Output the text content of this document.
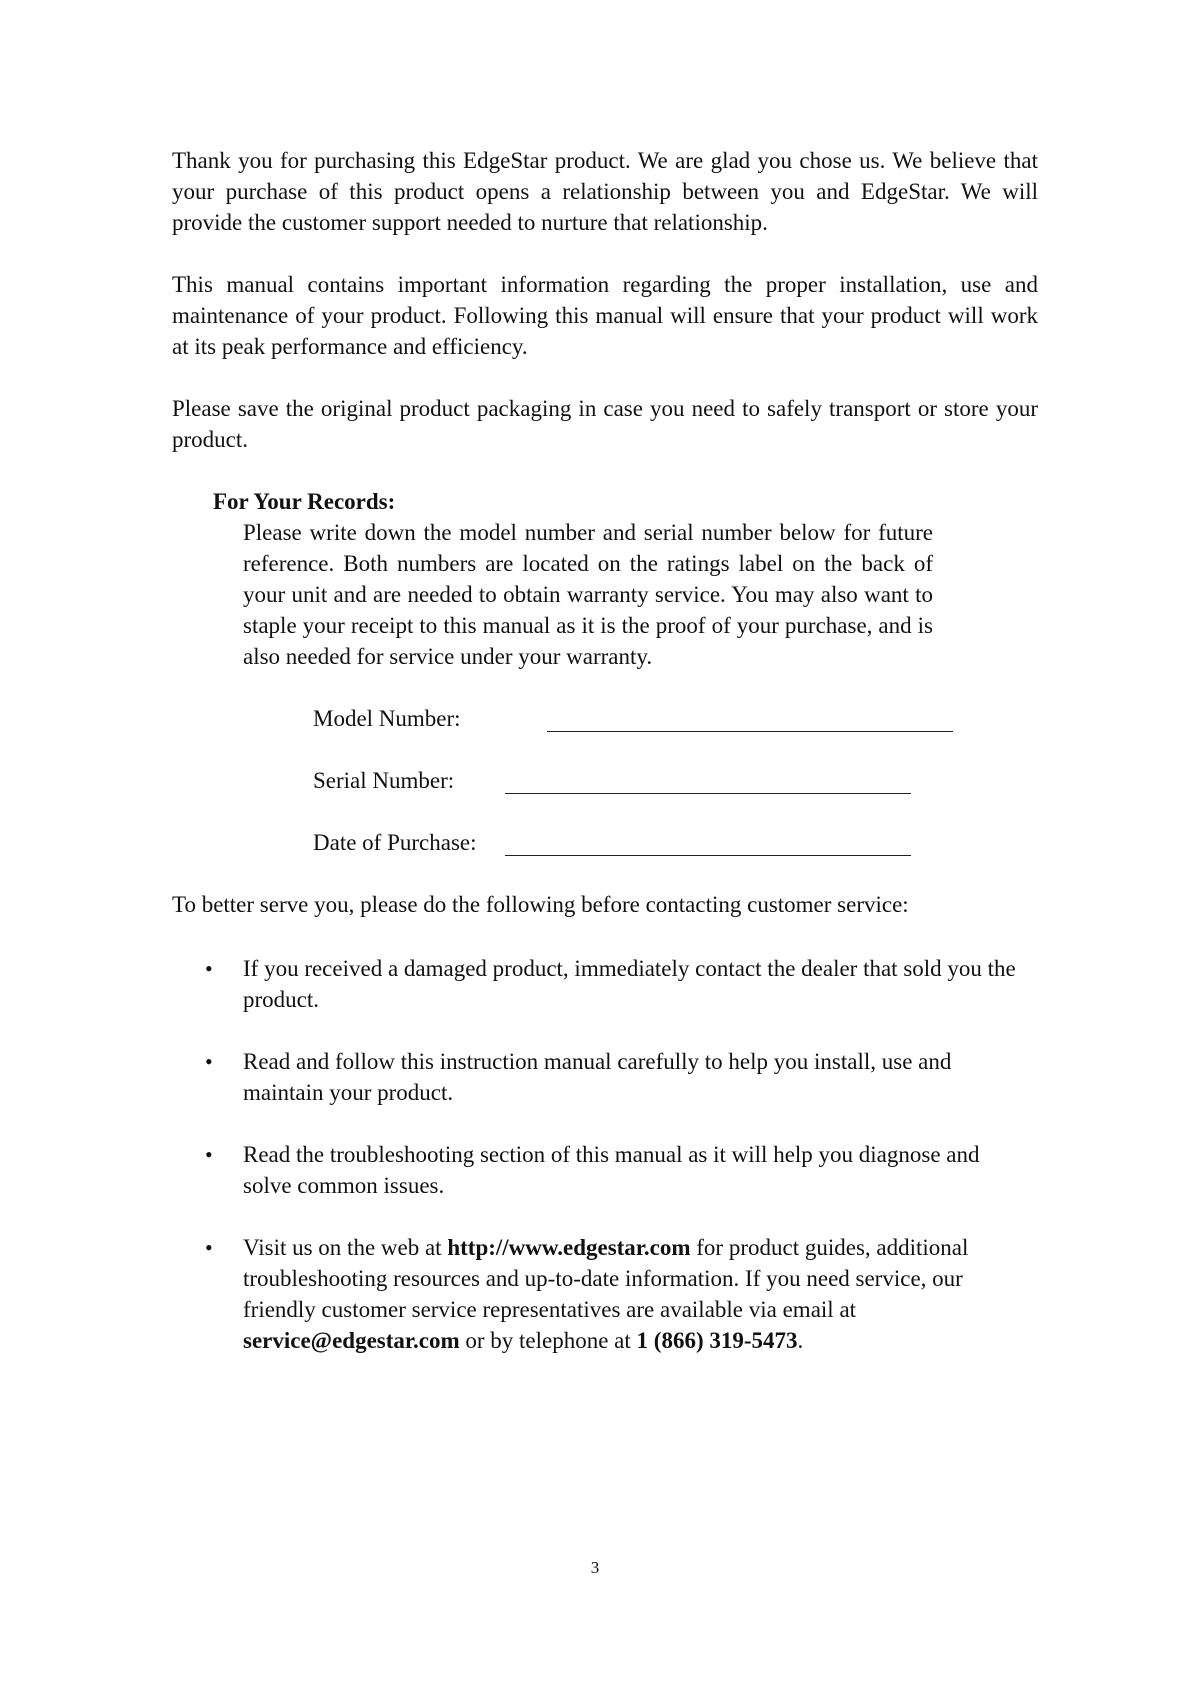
Thank you for purchasing this EdgeStar product. We are glad you chose us. We believe that your purchase of this product opens a relationship between you and EdgeStar. We will provide the customer support needed to nurture that relationship.

This manual contains important information regarding the proper installation, use and maintenance of your product. Following this manual will ensure that your product will work at its peak performance and efficiency.

Please save the original product packaging in case you need to safely transport or store your product.

For Your Records:

Please write down the model number and serial number below for future reference. Both numbers are located on the ratings label on the back of your unit and are needed to obtain warranty service. You may also want to staple your receipt to this manual as it is the proof of your purchase, and is also needed for service under your warranty.

Model Number:

Serial Number:

Date of Purchase:

To better serve you, please do the following before contacting customer service:

• If you received a damaged product, immediately contact the dealer that sold you the product.

• Read and follow this instruction manual carefully to help you install, use and maintain your product.

• Read the troubleshooting section of this manual as it will help you diagnose and solve common issues.

• Visit us on the web at http://www.edgestar.com for product guides, additional troubleshooting resources and up-to-date information. If you need service, our friendly customer service representatives are available via email at service@edgestar.com or by telephone at 1 (866) 319-5473.

3
